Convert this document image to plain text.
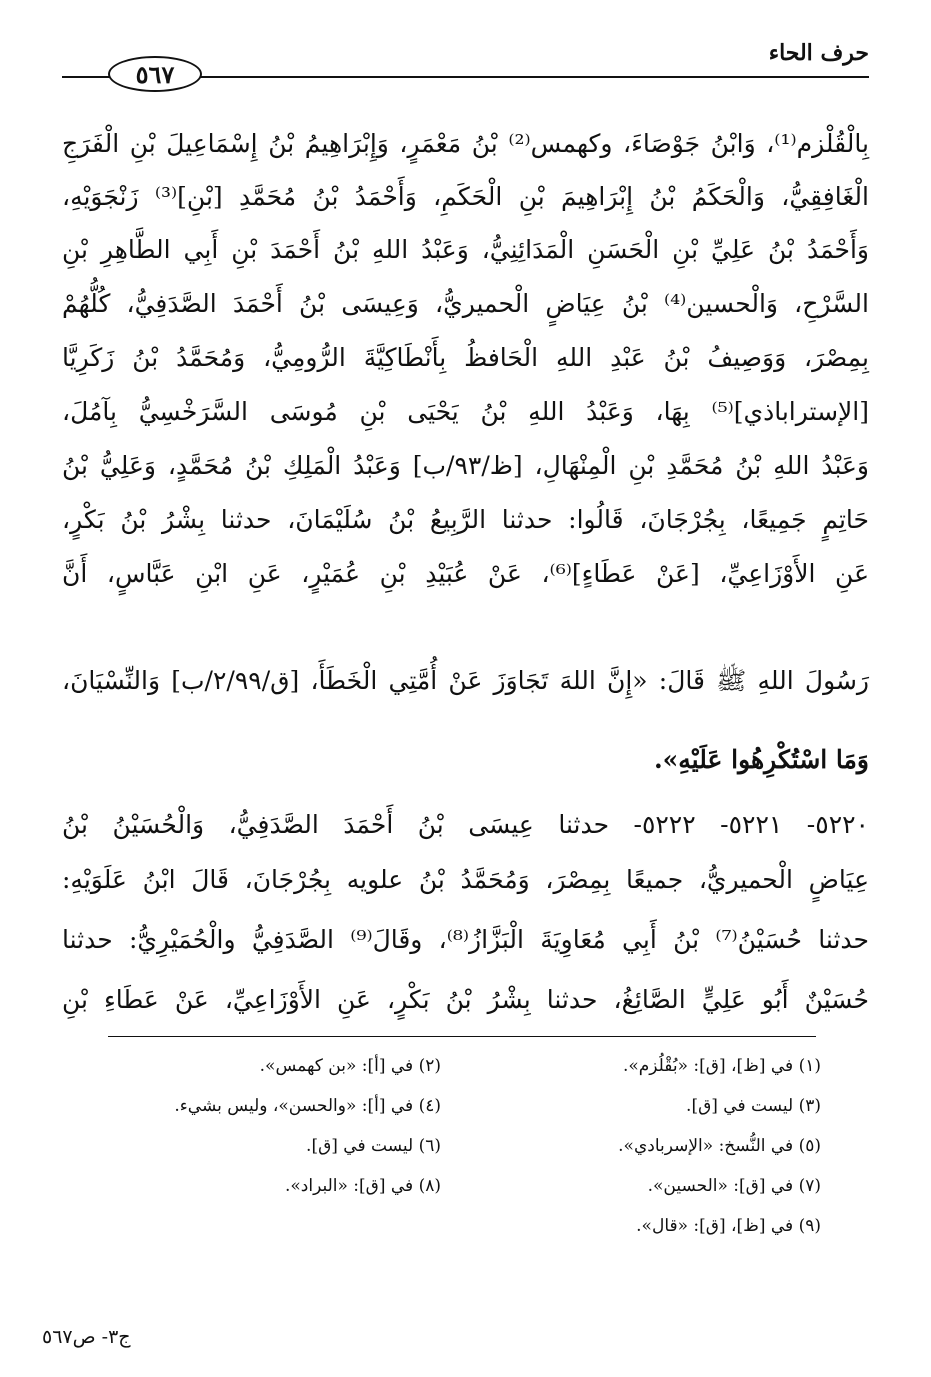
حرف الحاء
٥٦٧
بِالْقُلْزم⁽¹⁾، وَابْنُ جَوْصَاءَ، وكهمس⁽²⁾ بْنُ مَعْمَرٍ، وَإِبْرَاهِيمُ بْنُ إِسْمَاعِيلَ بْنِ الْفَرَجِ
الْغَافِقِيُّ، وَالْحَكَمُ بْنُ إِبْرَاهِيمَ بْنِ الْحَكَمِ، وَأَحْمَدُ بْنُ مُحَمَّدِ [بْنِ]⁽³⁾ زَنْجَوَيْهِ،
وَأَحْمَدُ بْنُ عَلِيِّ بْنِ الْحَسَنِ الْمَدَائِنِيُّ، وَعَبْدُ اللهِ بْنُ أَحْمَدَ بْنِ أَبِي الطَّاهِرِ بْنِ
السَّرْحِ، وَالْحسين⁽⁴⁾ بْنُ عِيَاضٍ الْحميريُّ، وَعِيسَى بْنُ أَحْمَدَ الصَّدَفِيُّ، كُلُّهُمْ
بِمِصْرَ، وَوَصِيفُ بْنُ عَبْدِ اللهِ الْحَافظُ بِأَنْطَاكِيَّةَ الرُّومِيُّ، وَمُحَمَّدُ بْنُ زَكَرِيَّا
[الإستراباذي]⁽⁵⁾ بِهَا، وَعَبْدُ اللهِ بْنُ يَحْيَى بْنِ مُوسَى السَّرَخْسِيُّ بِآمُلَ،
وَعَبْدُ اللهِ بْنُ مُحَمَّدِ بْنِ الْمِنْهَالِ، [ظ/٩٣/ب] وَعَبْدُ الْمَلِكِ بْنُ مُحَمَّدٍ، وَعَلِيُّ بْنُ
حَاتِمٍ جَمِيعًا، بِجُرْجَانَ، قَالُوا: حدثنا الرَّبِيعُ بْنُ سُلَيْمَانَ، حدثنا بِشْرُ بْنُ بَكْرٍ،
عَنِ الأَوْزَاعِيِّ، [عَنْ عَطَاءٍ]⁽⁶⁾، عَنْ عُبَيْدِ بْنِ عُمَيْرٍ، عَنِ ابْنِ عَبَّاسٍ، أَنَّ
رَسُولَ اللهِ ﷺ قَالَ: «إِنَّ اللهَ تَجَاوَزَ عَنْ أُمَّتِي الْخَطَأَ، [ق/٢/٩٩/ب] وَالنِّسْيَانَ،
وَمَا اسْتُكْرِهُوا عَلَيْهِ».
٥٢٢٠- ٥٢٢١- ٥٢٢٢- حدثنا عِيسَى بْنُ أَحْمَدَ الصَّدَفِيُّ، وَالْحُسَيْنُ بْنُ
عِيَاضٍ الْحميريُّ، جميعًا بِمِصْرَ، وَمُحَمَّدُ بْنُ علويه بِجُرْجَانَ، قَالَ ابْنُ عَلَوَيْهِ:
حدثنا حُسَيْنُ⁽⁷⁾ بْنُ أَبِي مُعَاوِيَةَ الْبَزَّازُ⁽⁸⁾، وقَالَ⁽⁹⁾ الصَّدَفِيُّ والْحُمَيْرِيُّ: حدثنا
حُسَيْنٌ أَبُو عَلِيٍّ الصَّائِغُ، حدثنا بِشْرُ بْنُ بَكْرٍ، عَنِ الأَوْزَاعِيِّ، عَنْ عَطَاءِ بْنِ
(١) في [ظ]، [ق]: «بُقْلُزم».
(٢) في [أ]: «بن كهمس».
(٣) ليست في [ق].
(٤) في [أ]: «والحسن»، وليس بشيء.
(٥) في النُّسخ: «الإسربادي».
(٦) ليست في [ق].
(٧) في [ق]: «الحسين».
(٨) في [ق]: «البراد».
(٩) في [ظ]، [ق]: «قال».
ج٣- ص٥٦٧
